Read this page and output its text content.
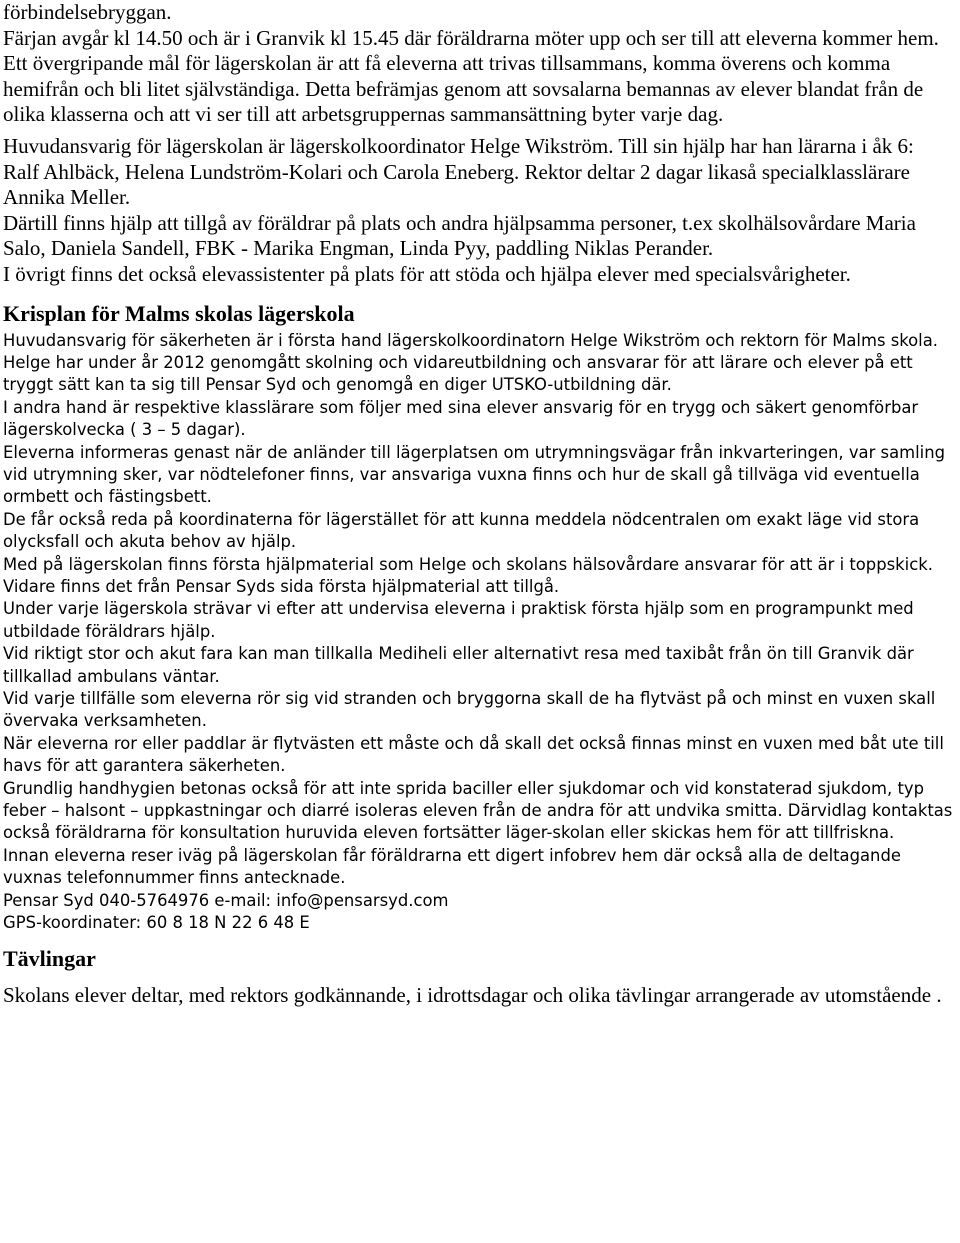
förbindelsebryggan.

Färjan avgår kl 14.50 och är i Granvik kl 15.45 där föräldrarna möter upp och ser till att eleverna kommer hem.

Ett övergripande mål för lägerskolan är att få eleverna att trivas tillsammans, komma överens och komma hemifrån och bli litet självständiga. Detta befrämjas genom att sovsalarna bemannas av elever blandat från de olika klasserna och att vi ser till att arbetsgruppernas sammansättning byter varje dag.

Huvudansvarig för lägerskolan är lägerskolkoordinator Helge Wikström. Till sin hjälp har han lärarna i åk 6: Ralf Ahlbäck, Helena Lundström-Kolari och Carola Eneberg. Rektor deltar 2 dagar likaså specialklasslärare Annika Meller.

Därtill finns hjälp att tillgå av föräldrar på plats och andra hjälpsamma personer, t.ex skolhälsovårdare Maria Salo, Daniela Sandell, FBK - Marika Engman, Linda Pyy, paddling Niklas Perander.

I övrigt finns det också elevassistenter på plats för att stöda och hjälpa elever med specialsvårigheter.

Krisplan för Malms skolas lägerskola

Huvudansvarig för säkerheten är i första hand lägerskolkoordinatorn Helge Wikström och rektorn för Malms skola.

Helge har under år 2012 genomgått skolning och vidareutbildning och ansvarar för att lärare och elever på ett tryggt sätt kan ta sig till Pensar Syd och genomgå en diger UTSKO-utbildning där.

I andra hand är respektive klasslärare som följer med sina elever ansvarig för en trygg och säkert genomförbar lägerskolvecka ( 3 – 5 dagar).

Eleverna informeras genast när de anländer till lägerplatsen om utrymningsvägar från inkvarteringen, var samling vid utrymning sker, var nödtelefoner finns, var ansvariga vuxna finns och hur de skall gå tillväga vid eventuella ormbett och fästingsbett.

De får också reda på koordinaterna för lägerstället för att kunna meddela nödcentralen om exakt läge vid stora olycksfall och akuta behov av hjälp.

Med på lägerskolan finns första hjälpmaterial som Helge och skolans hälsovårdare ansvarar för att är i toppskick. Vidare finns det från Pensar Syds sida första hjälpmaterial att tillgå.

Under varje lägerskola strävar vi efter att undervisa eleverna i praktisk första hjälp som en programpunkt med utbildade föräldrars hjälp.

Vid riktigt stor och akut fara kan man tillkalla Mediheli eller alternativt resa med taxibåt från ön till Granvik där tillkallad ambulans väntar.

Vid varje tillfälle som eleverna rör sig vid stranden och bryggorna skall de ha flytväst på och minst en vuxen skall övervaka verksamheten.

När eleverna ror eller paddlar är flytvästen ett måste och då skall det också finnas minst en vuxen med båt ute till havs för att garantera säkerheten.

Grundlig handhygien betonas också för att inte sprida baciller eller sjukdomar och vid konstaterad sjukdom, typ feber – halsont – uppkastningar och diarré isoleras eleven från de andra för att undvika smitta. Därvidlag kontaktas också föräldrarna för konsultation huruvida eleven fortsätter läger-skolan eller skickas hem för att tillfriskna.

Innan eleverna reser iväg på lägerskolan får föräldrarna ett digert infobrev hem där också alla de deltagande vuxnas telefonnummer finns antecknade.

Pensar Syd 040-5764976 e-mail: info@pensarsyd.com

GPS-koordinater: 60 8 18 N 22 6 48 E

Tävlingar

Skolans elever deltar, med rektors godkännande, i idrottsdagar och olika tävlingar arrangerade av utomstående .
